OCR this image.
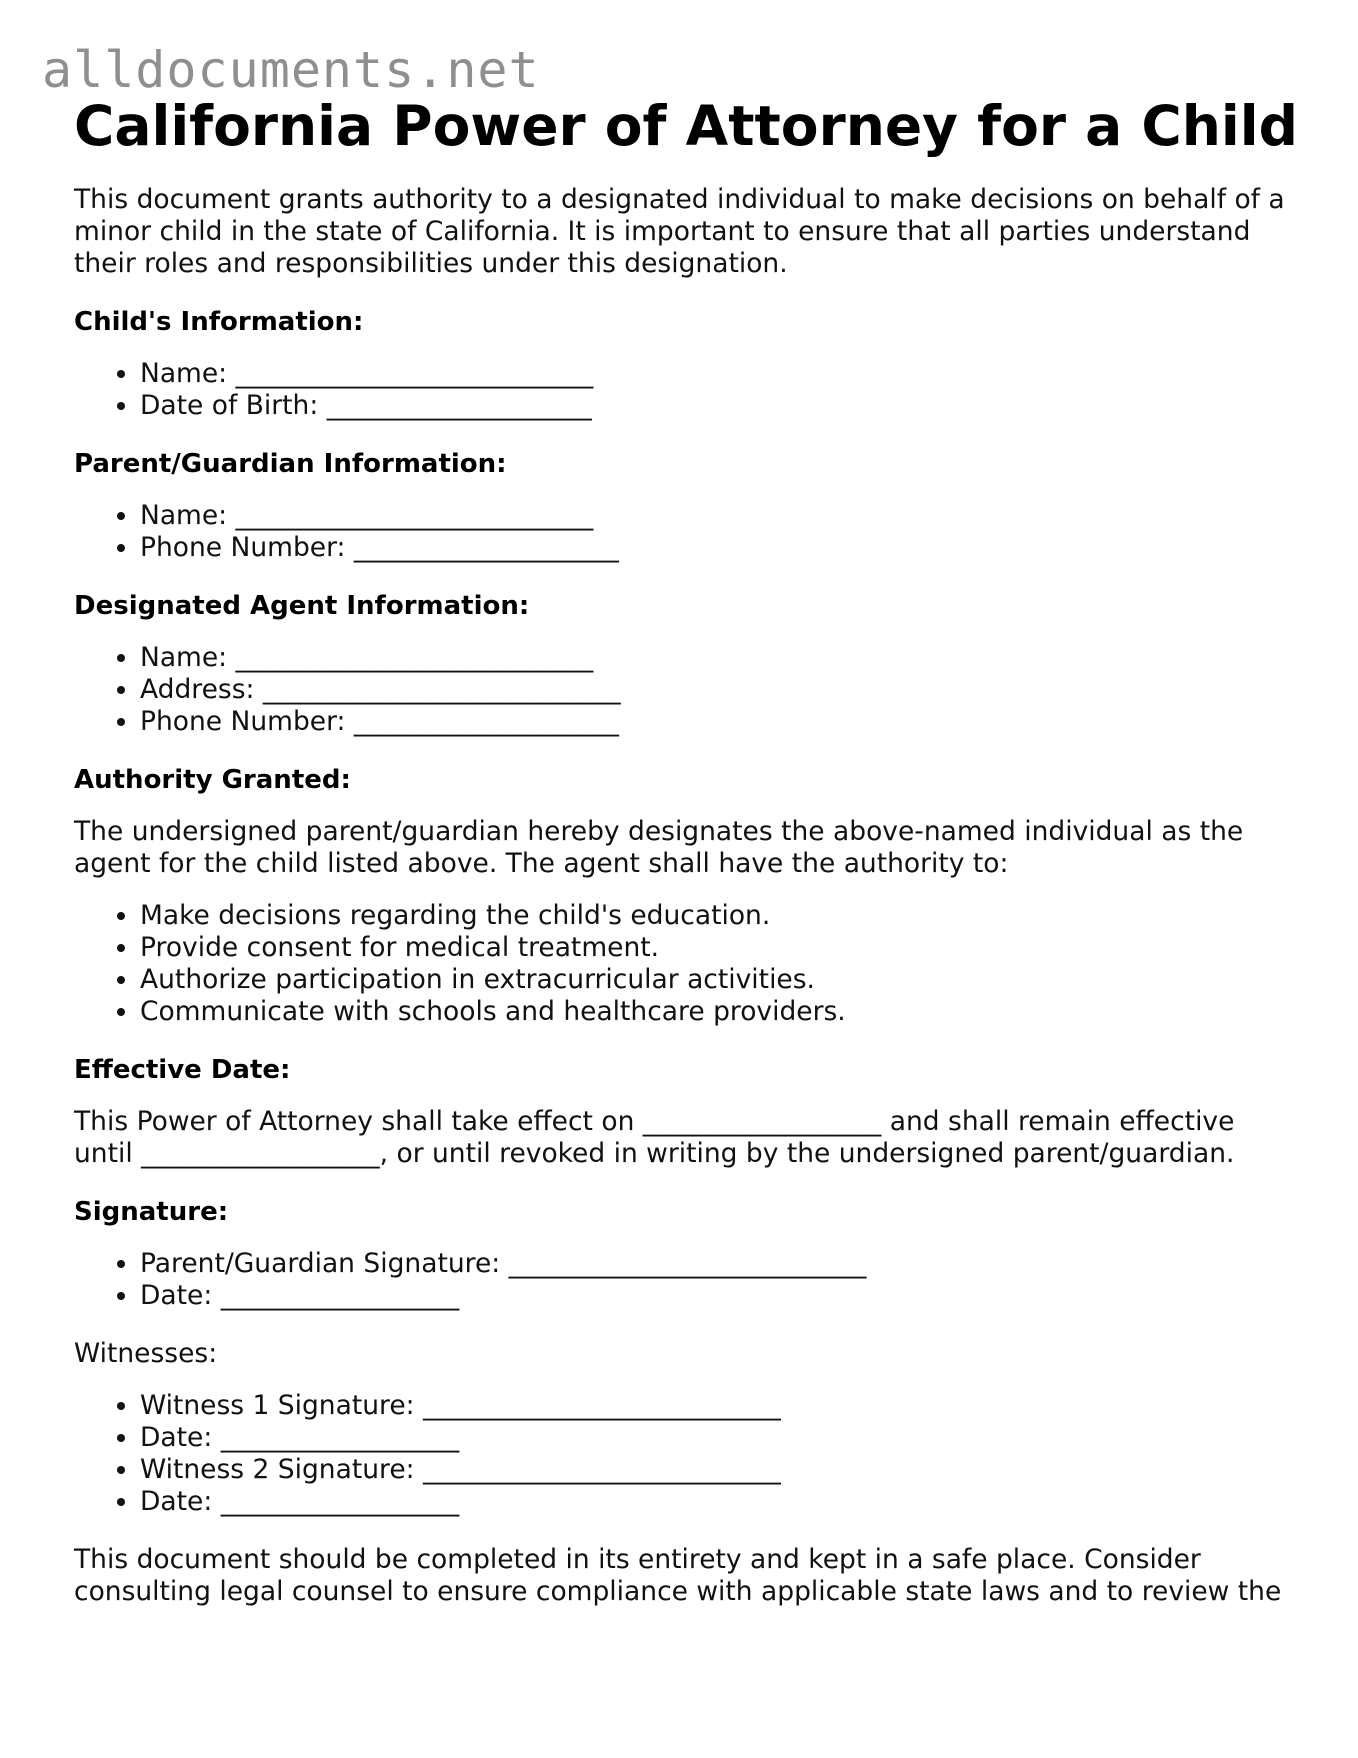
alldocuments.net
California Power of Attorney for a Child

This document grants authority to a designated individual to make decisions on behalf of a minor child in the state of California. It is important to ensure that all parties understand their roles and responsibilities under this designation.

Child's Information:
• Name: ___________________________
• Date of Birth: ____________________
Parent/Guardian Information:
• Name: ___________________________
• Phone Number: ____________________
Designated Agent Information:
• Name: ___________________________
• Address: ___________________________
• Phone Number: ____________________
Authority Granted:

The undersigned parent/guardian hereby designates the above-named individual as the agent for the child listed above. The agent shall have the authority to:

• Make decisions regarding the child's education.
• Provide consent for medical treatment.
• Authorize participation in extracurricular activities.
• Communicate with schools and healthcare providers.
Effective Date:

This Power of Attorney shall take effect on __________________ and shall remain effective

until __________________, or until revoked in writing by the undersigned parent/guardian.

Signature:
• Parent/Guardian Signature: ___________________________
• Date: __________________

Witnesses:

• Witness 1 Signature: ___________________________
• Date: __________________
• Witness 2 Signature: ___________________________
• Date: __________________

This document should be completed in its entirety and kept in a safe place. Consider consulting legal counsel to ensure compliance with applicable state laws and to review the
